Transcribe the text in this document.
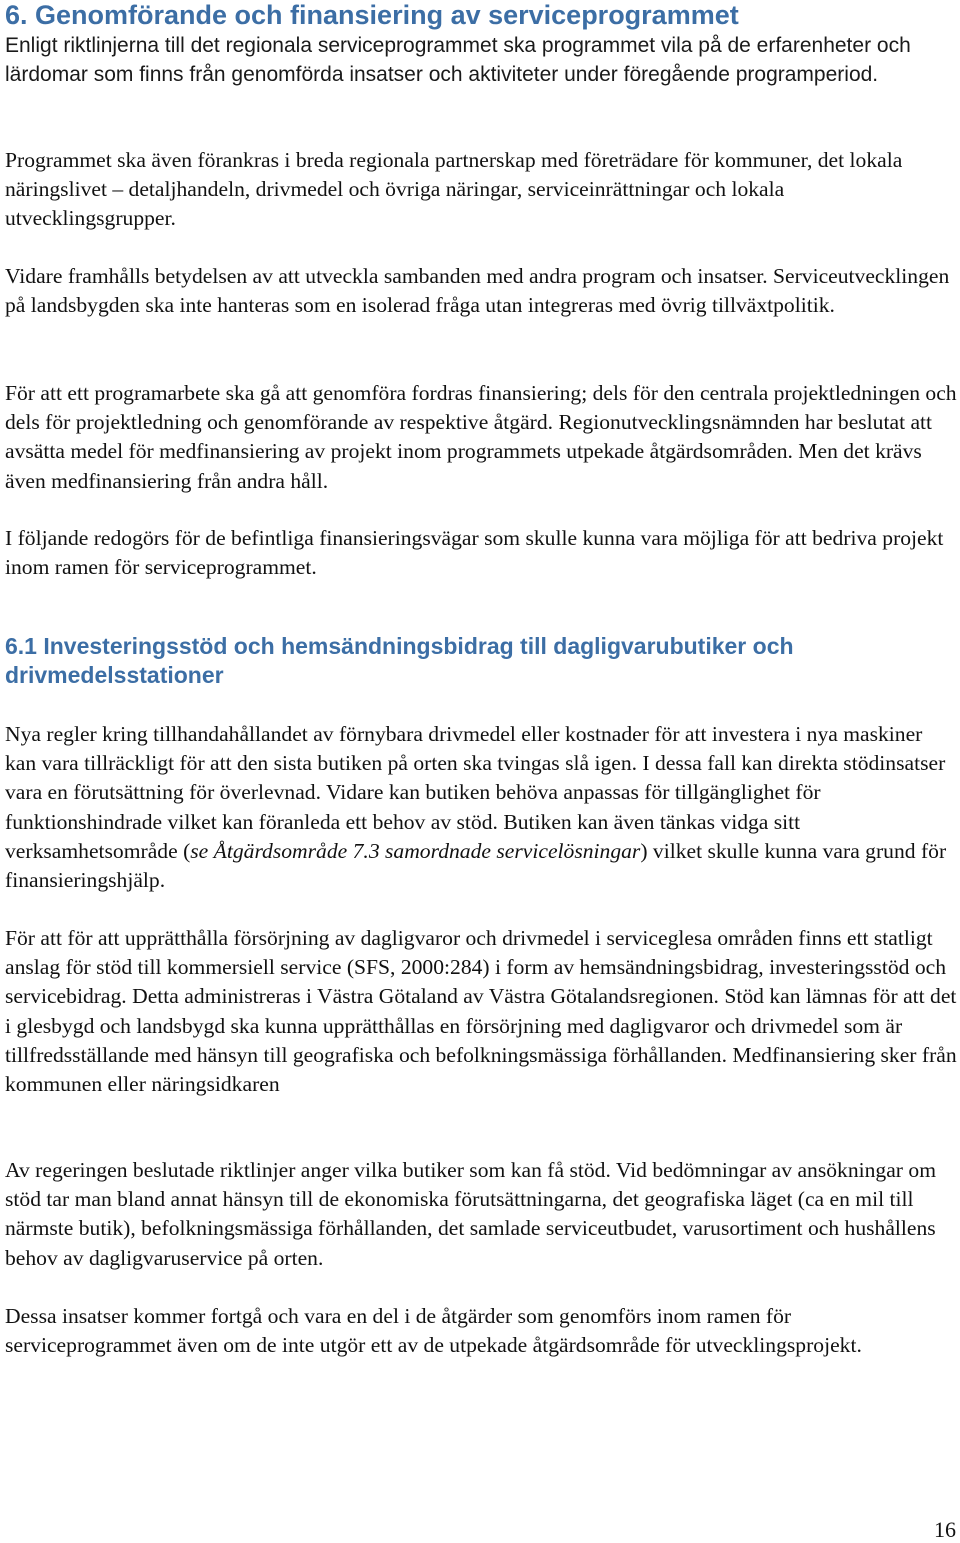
6. Genomförande och finansiering av serviceprogrammet

Enligt riktlinjerna till det regionala serviceprogrammet ska programmet vila på de erfarenheter och lärdomar som finns från genomförda insatser och aktiviteter under föregående programperiod.

Programmet ska även förankras i breda regionala partnerskap med företrädare för kommuner, det lokala näringslivet – detaljhandeln, drivmedel och övriga näringar, serviceinrättningar och lokala utvecklingsgrupper.

Vidare framhålls betydelsen av att utveckla sambanden med andra program och insatser. Serviceutvecklingen på landsbygden ska inte hanteras som en isolerad fråga utan integreras med övrig tillväxtpolitik.

För att ett programarbete ska gå att genomföra fordras finansiering; dels för den centrala projektledningen och dels för projektledning och genomförande av respektive åtgärd. Regionutvecklingsnämnden har beslutat att avsätta medel för medfinansiering av projekt inom programmets utpekade åtgärdsområden. Men det krävs även medfinansiering från andra håll.

I följande redogörs för de befintliga finansieringsvägar som skulle kunna vara möjliga för att bedriva projekt inom ramen för serviceprogrammet.

6.1 Investeringsstöd och hemsändningsbidrag till dagligvarubutiker och drivmedelsstationer

Nya regler kring tillhandahållandet av förnybara drivmedel eller kostnader för att investera i nya maskiner kan vara tillräckligt för att den sista butiken på orten ska tvingas slå igen. I dessa fall kan direkta stödinsatser vara en förutsättning för överlevnad. Vidare kan butiken behöva anpassas för tillgänglighet för funktionshindrade vilket kan föranleda ett behov av stöd. Butiken kan även tänkas vidga sitt verksamhetsområde (se Åtgärdsområde 7.3 samordnade servicelösningar) vilket skulle kunna vara grund för finansieringshjälp.

För att för att upprätthålla försörjning av dagligvaror och drivmedel i serviceglesa områden finns ett statligt anslag för stöd till kommersiell service (SFS, 2000:284) i form av hemsändningsbidrag, investeringsstöd och servicebidrag. Detta administreras i Västra Götaland av Västra Götalandsregionen. Stöd kan lämnas för att det i glesbygd och landsbygd ska kunna upprätthållas en försörjning med dagligvaror och drivmedel som är tillfredsställande med hänsyn till geografiska och befolkningsmässiga förhållanden. Medfinansiering sker från kommunen eller näringsidkaren

Av regeringen beslutade riktlinjer anger vilka butiker som kan få stöd. Vid bedömningar av ansökningar om stöd tar man bland annat hänsyn till de ekonomiska förutsättningarna, det geografiska läget (ca en mil till närmste butik), befolkningsmässiga förhållanden, det samlade serviceutbudet, varusortiment och hushållens behov av dagligvaruservice på orten.

Dessa insatser kommer fortgå och vara en del i de åtgärder som genomförs inom ramen för serviceprogrammet även om de inte utgör ett av de utpekade åtgärdsområde för utvecklingsprojekt.

16
